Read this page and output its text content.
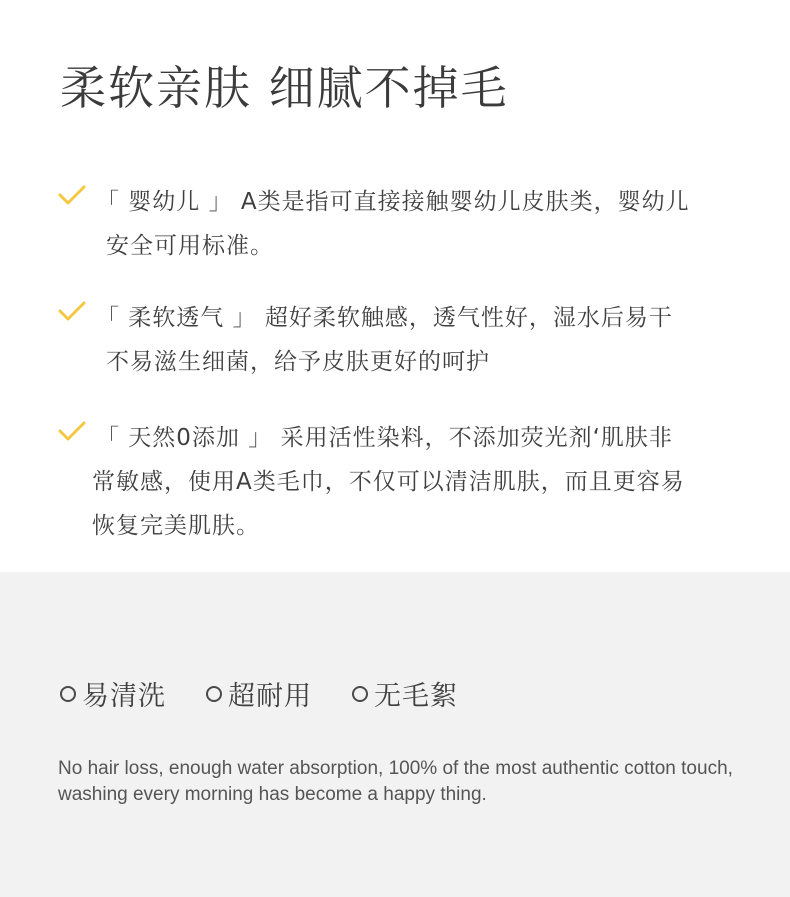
柔软亲肤 细腻不掉毛
「 婴幼儿 」 A类是指可直接接触婴幼儿皮肤类，婴幼儿
安全可用标准。
「 柔软透气 」 超好柔软触感，透气性好，湿水后易干
不易滋生细菌，给予皮肤更好的呵护
「 天然0添加 」 采用活性染料，不添加荧光剂‘肌肤非
常敏感，使用A类毛巾，不仅可以清洁肌肤，而且更容易
恢复完美肌肤。
易清洗 超耐用 无毛絮
No hair loss, enough water absorption, 100% of the most authentic cotton touch, washing every morning has become a happy thing.
